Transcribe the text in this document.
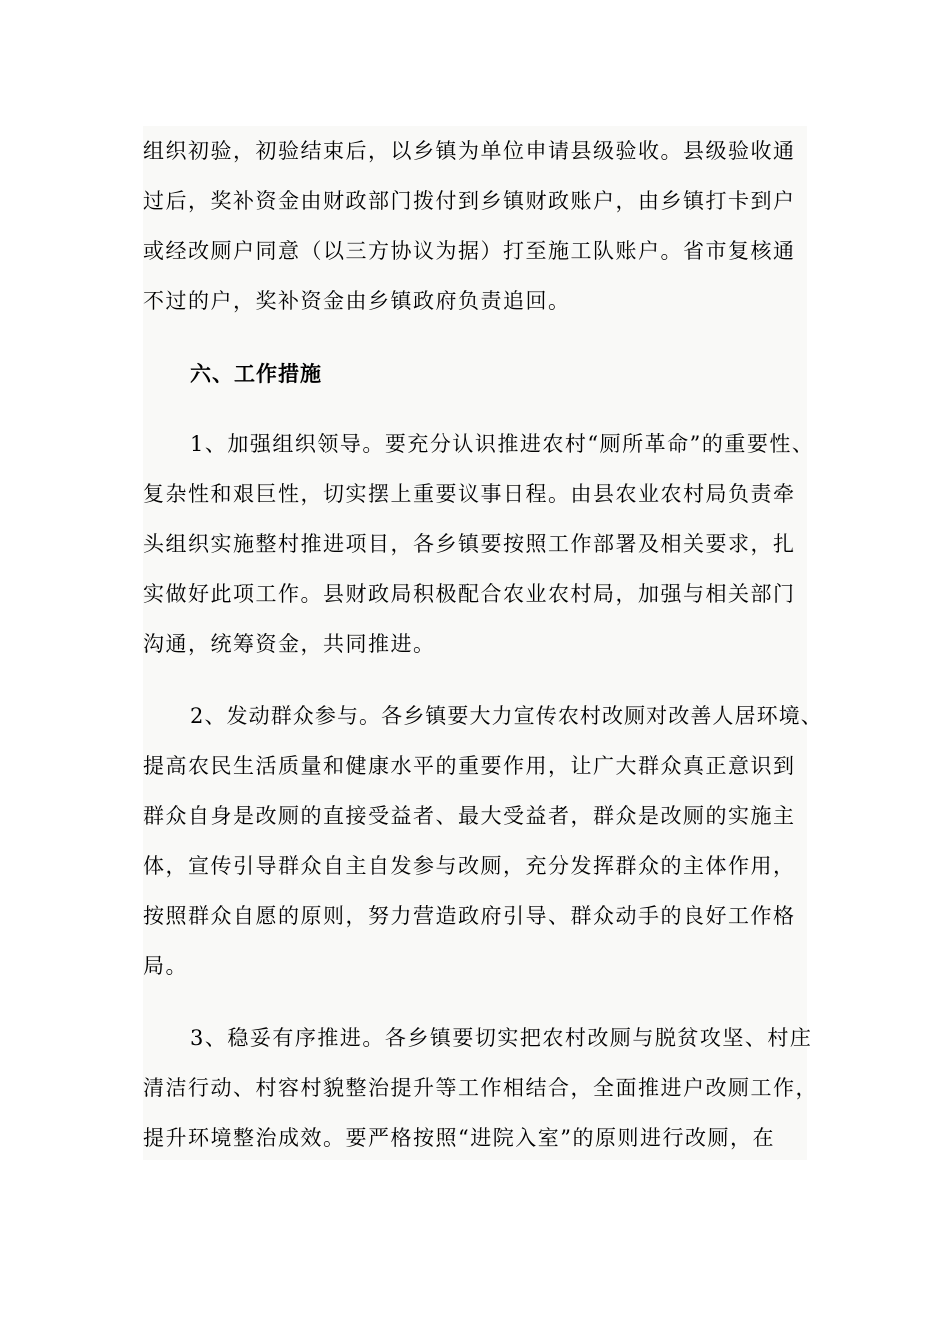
组织初验，初验结束后，以乡镇为单位申请县级验收。县级验收通
过后，奖补资金由财政部门拨付到乡镇财政账户，由乡镇打卡到户
或经改厕户同意（以三方协议为据）打至施工队账户。省市复核通
不过的户，奖补资金由乡镇政府负责追回。
六、工作措施
1、加强组织领导。要充分认识推进农村“厕所革命”的重要性、
复杂性和艰巨性，切实摆上重要议事日程。由县农业农村局负责牵
头组织实施整村推进项目，各乡镇要按照工作部署及相关要求，扎
实做好此项工作。县财政局积极配合农业农村局，加强与相关部门
沟通，统筹资金，共同推进。
2、发动群众参与。各乡镇要大力宣传农村改厕对改善人居环境、
提高农民生活质量和健康水平的重要作用，让广大群众真正意识到
群众自身是改厕的直接受益者、最大受益者，群众是改厕的实施主
体，宣传引导群众自主自发参与改厕，充分发挥群众的主体作用，
按照群众自愿的原则，努力营造政府引导、群众动手的良好工作格
局。
3、稳妥有序推进。各乡镇要切实把农村改厕与脱贫攻坚、村庄
清洁行动、村容村貌整治提升等工作相结合，全面推进户改厕工作，
提升环境整治成效。要严格按照“进院入室”的原则进行改厕，在
